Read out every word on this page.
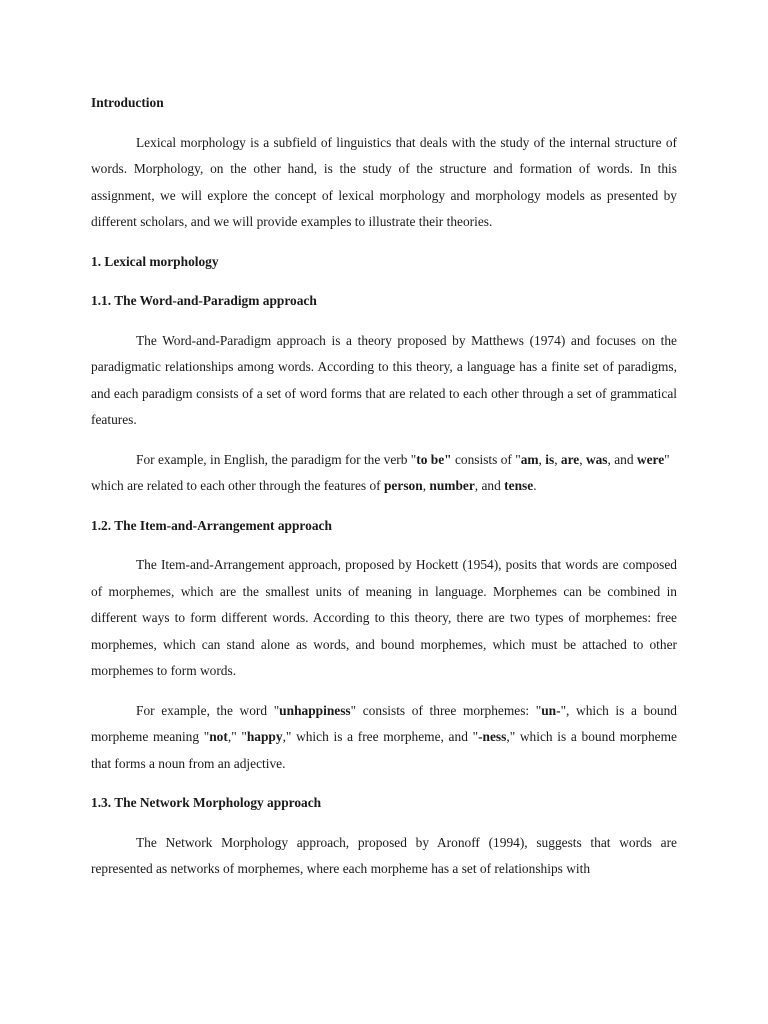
Introduction

Lexical morphology is a subfield of linguistics that deals with the study of the internal structure of words. Morphology, on the other hand, is the study of the structure and formation of words. In this assignment, we will explore the concept of lexical morphology and morphology models as presented by different scholars, and we will provide examples to illustrate their theories.

1. Lexical morphology

1.1. The Word-and-Paradigm approach

The Word-and-Paradigm approach is a theory proposed by Matthews (1974) and focuses on the paradigmatic relationships among words. According to this theory, a language has a finite set of paradigms, and each paradigm consists of a set of word forms that are related to each other through a set of grammatical features.

For example, in English, the paradigm for the verb "to be" consists of "am, is, are, was, and were" which are related to each other through the features of person, number, and tense.

1.2. The Item-and-Arrangement approach

The Item-and-Arrangement approach, proposed by Hockett (1954), posits that words are composed of morphemes, which are the smallest units of meaning in language. Morphemes can be combined in different ways to form different words. According to this theory, there are two types of morphemes: free morphemes, which can stand alone as words, and bound morphemes, which must be attached to other morphemes to form words.

For example, the word "unhappiness" consists of three morphemes: "un-", which is a bound morpheme meaning "not," "happy," which is a free morpheme, and "-ness," which is a bound morpheme that forms a noun from an adjective.

1.3. The Network Morphology approach

The Network Morphology approach, proposed by Aronoff (1994), suggests that words are represented as networks of morphemes, where each morpheme has a set of relationships with
